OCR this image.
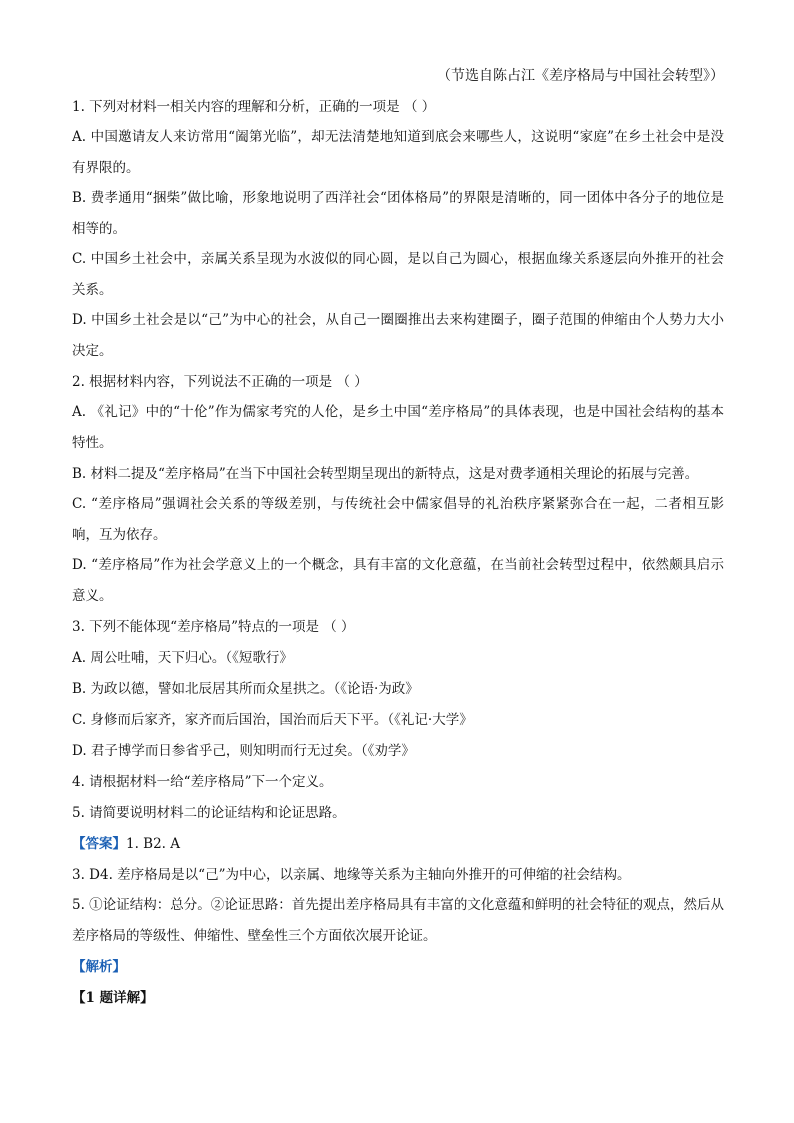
（节选自陈占江《差序格局与中国社会转型》）
1. 下列对材料一相关内容的理解和分析，正确的一项是 （ ）
A. 中国邀请友人来访常用“阖第光临”，却无法清楚地知道到底会来哪些人，这说明“家庭”在乡土社会中是没有界限的。
B. 费孝通用“捆柴”做比喻，形象地说明了西洋社会“团体格局”的界限是清晰的，同一团体中各分子的地位是相等的。
C. 中国乡土社会中，亲属关系呈现为水波似的同心圆，是以自己为圆心，根据血缘关系逐层向外推开的社会关系。
D. 中国乡土社会是以“己”为中心的社会，从自己一圈圈推出去来构建圈子，圈子范围的伸缩由个人势力大小决定。
2. 根据材料内容，下列说法不正确的一项是 （ ）
A. 《礼记》中的“十伦”作为儒家考究的人伦，是乡土中国“差序格局”的具体表现，也是中国社会结构的基本特性。
B. 材料二提及“差序格局”在当下中国社会转型期呈现出的新特点，这是对费孝通相关理论的拓展与完善。
C. “差序格局”强调社会关系的等级差别，与传统社会中儒家倡导的礼治秩序紧紧弥合在一起，二者相互影响，互为依存。
D. “差序格局”作为社会学意义上的一个概念，具有丰富的文化意蕴，在当前社会转型过程中，依然颇具启示意义。
3. 下列不能体现“差序格局”特点的一项是 （ ）
A. 周公吐哺，天下归心。（《短歌行》
B. 为政以德，譬如北辰居其所而众星拱之。（《论语·为政》
C. 身修而后家齐，家齐而后国治，国治而后天下平。（《礼记·大学》
D. 君子博学而日参省乎己，则知明而行无过矣。（《劝学》
4. 请根据材料一给“差序格局”下一个定义。
5. 请简要说明材料二的论证结构和论证思路。
【答案】1. B2. A
3. D4. 差序格局是以“己”为中心，以亲属、地缘等关系为主轴向外推开的可伸缩的社会结构。
5. ①论证结构：总分。②论证思路：首先提出差序格局具有丰富的文化意蕴和鲜明的社会特征的观点，然后从差序格局的等级性、伸缩性、壁垒性三个方面依次展开论证。
【解析】
【1 题详解】
